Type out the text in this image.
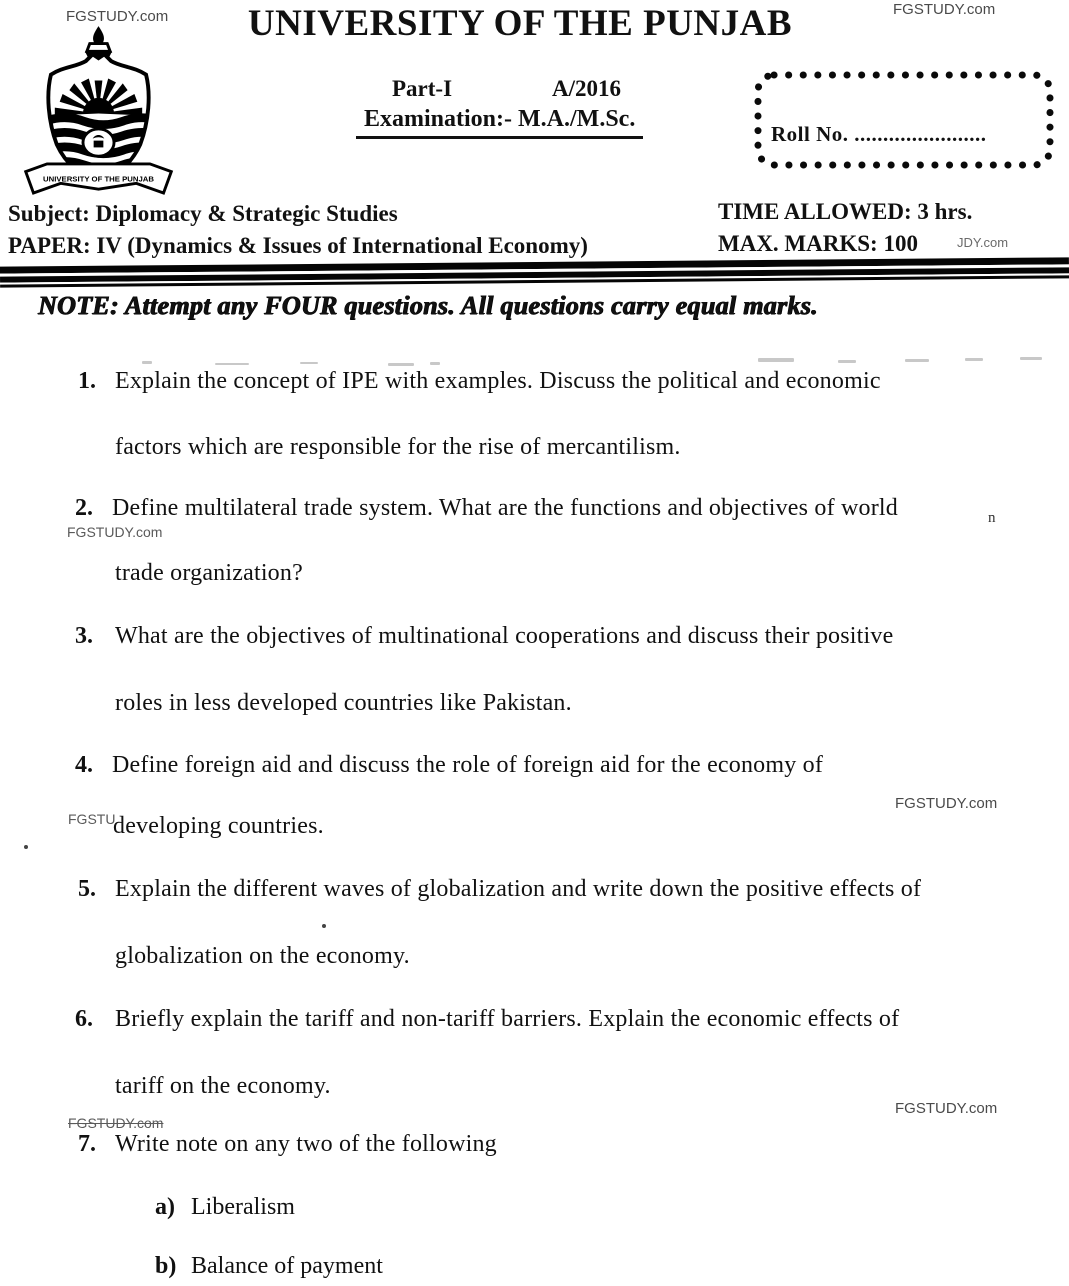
FGSTUDY.com	FGSTUDY.com
UNIVERSITY OF THE PUNJAB
UNIVERSITY OF THE PUNJAB
Part-I	A/2016
Examination:- M.A./M.Sc.
Roll No. .......................
Subject: Diplomacy & Strategic Studies	TIME ALLOWED: 3 hrs.
PAPER: IV (Dynamics & Issues of International Economy)	MAX. MARKS: 100	JDY.com
NOTE: Attempt any FOUR questions. All questions carry equal marks.
1. Explain the concept of IPE with examples. Discuss the political and economic
factors which are responsible for the rise of mercantilism.
2. Define multilateral trade system. What are the functions and objectives of world	n
FGSTUDY.com
trade organization?
3. What are the objectives of multinational cooperations and discuss their positive
roles in less developed countries like Pakistan.
4. Define foreign aid and discuss the role of foreign aid for the economy of
FGSTUDY.com
FGSTU
developing countries.
5. Explain the different waves of globalization and write down the positive effects of
globalization on the economy.
6. Briefly explain the tariff and non-tariff barriers. Explain the economic effects of
tariff on the economy.
FGSTUDY.com
FGSTUDY.com
7. Write note on any two of the following
a) Liberalism
b) Balance of payment
